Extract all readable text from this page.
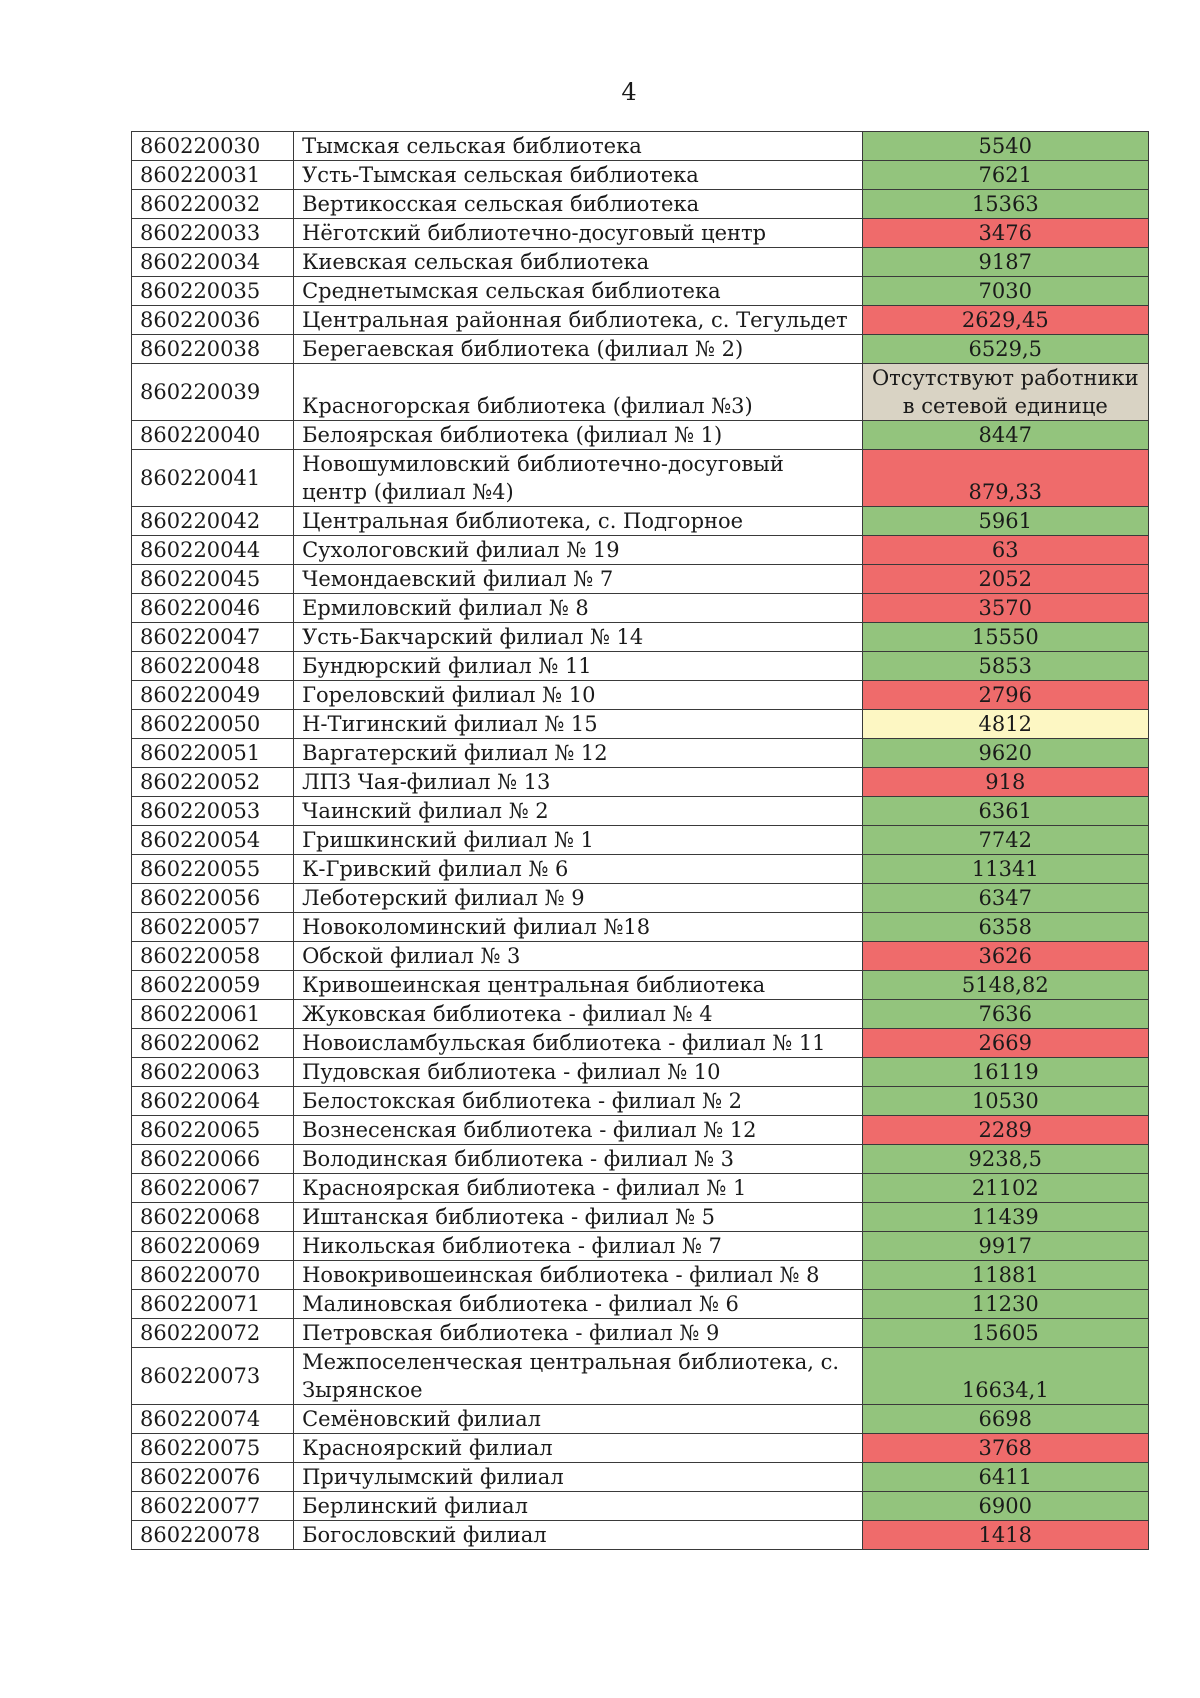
4
860220030	Тымская сельская библиотека	5540
860220031	Усть-Тымская сельская библиотека	7621
860220032	Вертикосская сельская библиотека	15363
860220033	Нёготский библиотечно-досуговый центр	3476
860220034	Киевская сельская библиотека	9187
860220035	Среднетымская сельская библиотека	7030
860220036	Центральная районная библиотека, с. Тегульдет	2629,45
860220038	Берегаевская библиотека (филиал № 2)	6529,5
860220039	Красногорская библиотека (филиал №3)	Отсутствуют работники в сетевой единице
860220040	Белоярская библиотека (филиал № 1)	8447
860220041	Новошумиловский библиотечно-досуговый центр (филиал №4)	879,33
860220042	Центральная библиотека, с. Подгорное	5961
860220044	Сухологовский филиал № 19	63
860220045	Чемондаевский филиал № 7	2052
860220046	Ермиловский филиал № 8	3570
860220047	Усть-Бакчарский филиал № 14	15550
860220048	Бундюрский филиал № 11	5853
860220049	Гореловский филиал № 10	2796
860220050	Н-Тигинский филиал № 15	4812
860220051	Варгатерский филиал № 12	9620
860220052	ЛПЗ Чая-филиал № 13	918
860220053	Чаинский филиал № 2	6361
860220054	Гришкинский филиал № 1	7742
860220055	К-Гривский филиал № 6	11341
860220056	Леботерский филиал № 9	6347
860220057	Новоколоминский филиал №18	6358
860220058	Обской филиал № 3	3626
860220059	Кривошеинская центральная библиотека	5148,82
860220061	Жуковская библиотека - филиал № 4	7636
860220062	Новоисламбульская библиотека - филиал № 11	2669
860220063	Пудовская библиотека - филиал № 10	16119
860220064	Белостокская библиотека - филиал № 2	10530
860220065	Вознесенская библиотека - филиал № 12	2289
860220066	Володинская библиотека - филиал № 3	9238,5
860220067	Красноярская библиотека - филиал № 1	21102
860220068	Иштанская библиотека - филиал № 5	11439
860220069	Никольская библиотека - филиал № 7	9917
860220070	Новокривошеинская библиотека - филиал № 8	11881
860220071	Малиновская библиотека - филиал № 6	11230
860220072	Петровская библиотека - филиал № 9	15605
860220073	Межпоселенческая центральная библиотека, с. Зырянское	16634,1
860220074	Семёновский филиал	6698
860220075	Красноярский филиал	3768
860220076	Причулымский филиал	6411
860220077	Берлинский филиал	6900
860220078	Богословский филиал	1418
